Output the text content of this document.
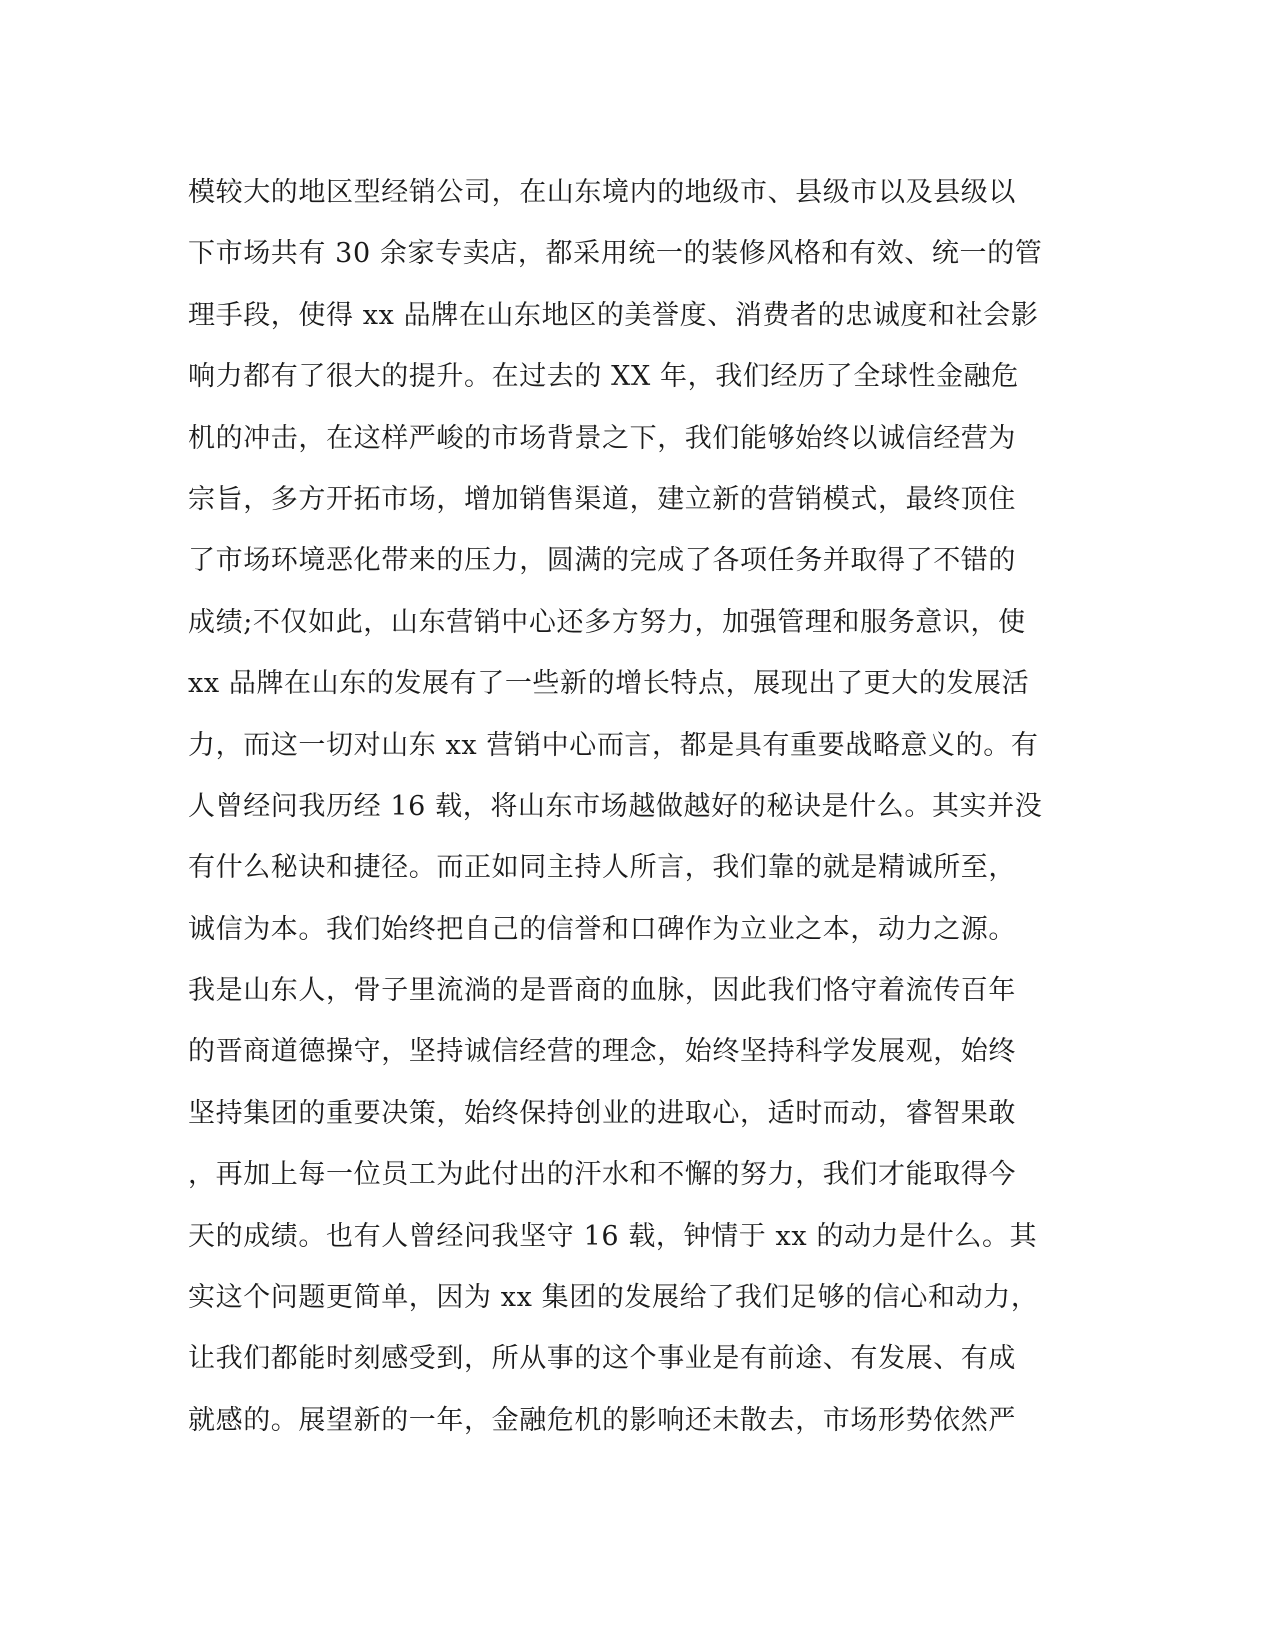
模较大的地区型经销公司，在山东境内的地级市、县级市以及县级以
下市场共有 30 余家专卖店，都采用统一的装修风格和有效、统一的管
理手段，使得 xx 品牌在山东地区的美誉度、消费者的忠诚度和社会影
响力都有了很大的提升。在过去的 XX 年，我们经历了全球性金融危
机的冲击，在这样严峻的市场背景之下，我们能够始终以诚信经营为
宗旨，多方开拓市场，增加销售渠道，建立新的营销模式，最终顶住
了市场环境恶化带来的压力，圆满的完成了各项任务并取得了不错的
成绩;不仅如此，山东营销中心还多方努力，加强管理和服务意识，使
xx 品牌在山东的发展有了一些新的增长特点，展现出了更大的发展活
力，而这一切对山东 xx 营销中心而言，都是具有重要战略意义的。有
人曾经问我历经 16 载，将山东市场越做越好的秘诀是什么。其实并没
有什么秘诀和捷径。而正如同主持人所言，我们靠的就是精诚所至，
诚信为本。我们始终把自己的信誉和口碑作为立业之本，动力之源。
我是山东人，骨子里流淌的是晋商的血脉，因此我们恪守着流传百年
的晋商道德操守，坚持诚信经营的理念，始终坚持科学发展观，始终
坚持集团的重要决策，始终保持创业的进取心，适时而动，睿智果敢
，再加上每一位员工为此付出的汗水和不懈的努力，我们才能取得今
天的成绩。也有人曾经问我坚守 16 载，钟情于 xx 的动力是什么。其
实这个问题更简单，因为 xx 集团的发展给了我们足够的信心和动力，
让我们都能时刻感受到，所从事的这个事业是有前途、有发展、有成
就感的。展望新的一年，金融危机的影响还未散去，市场形势依然严
